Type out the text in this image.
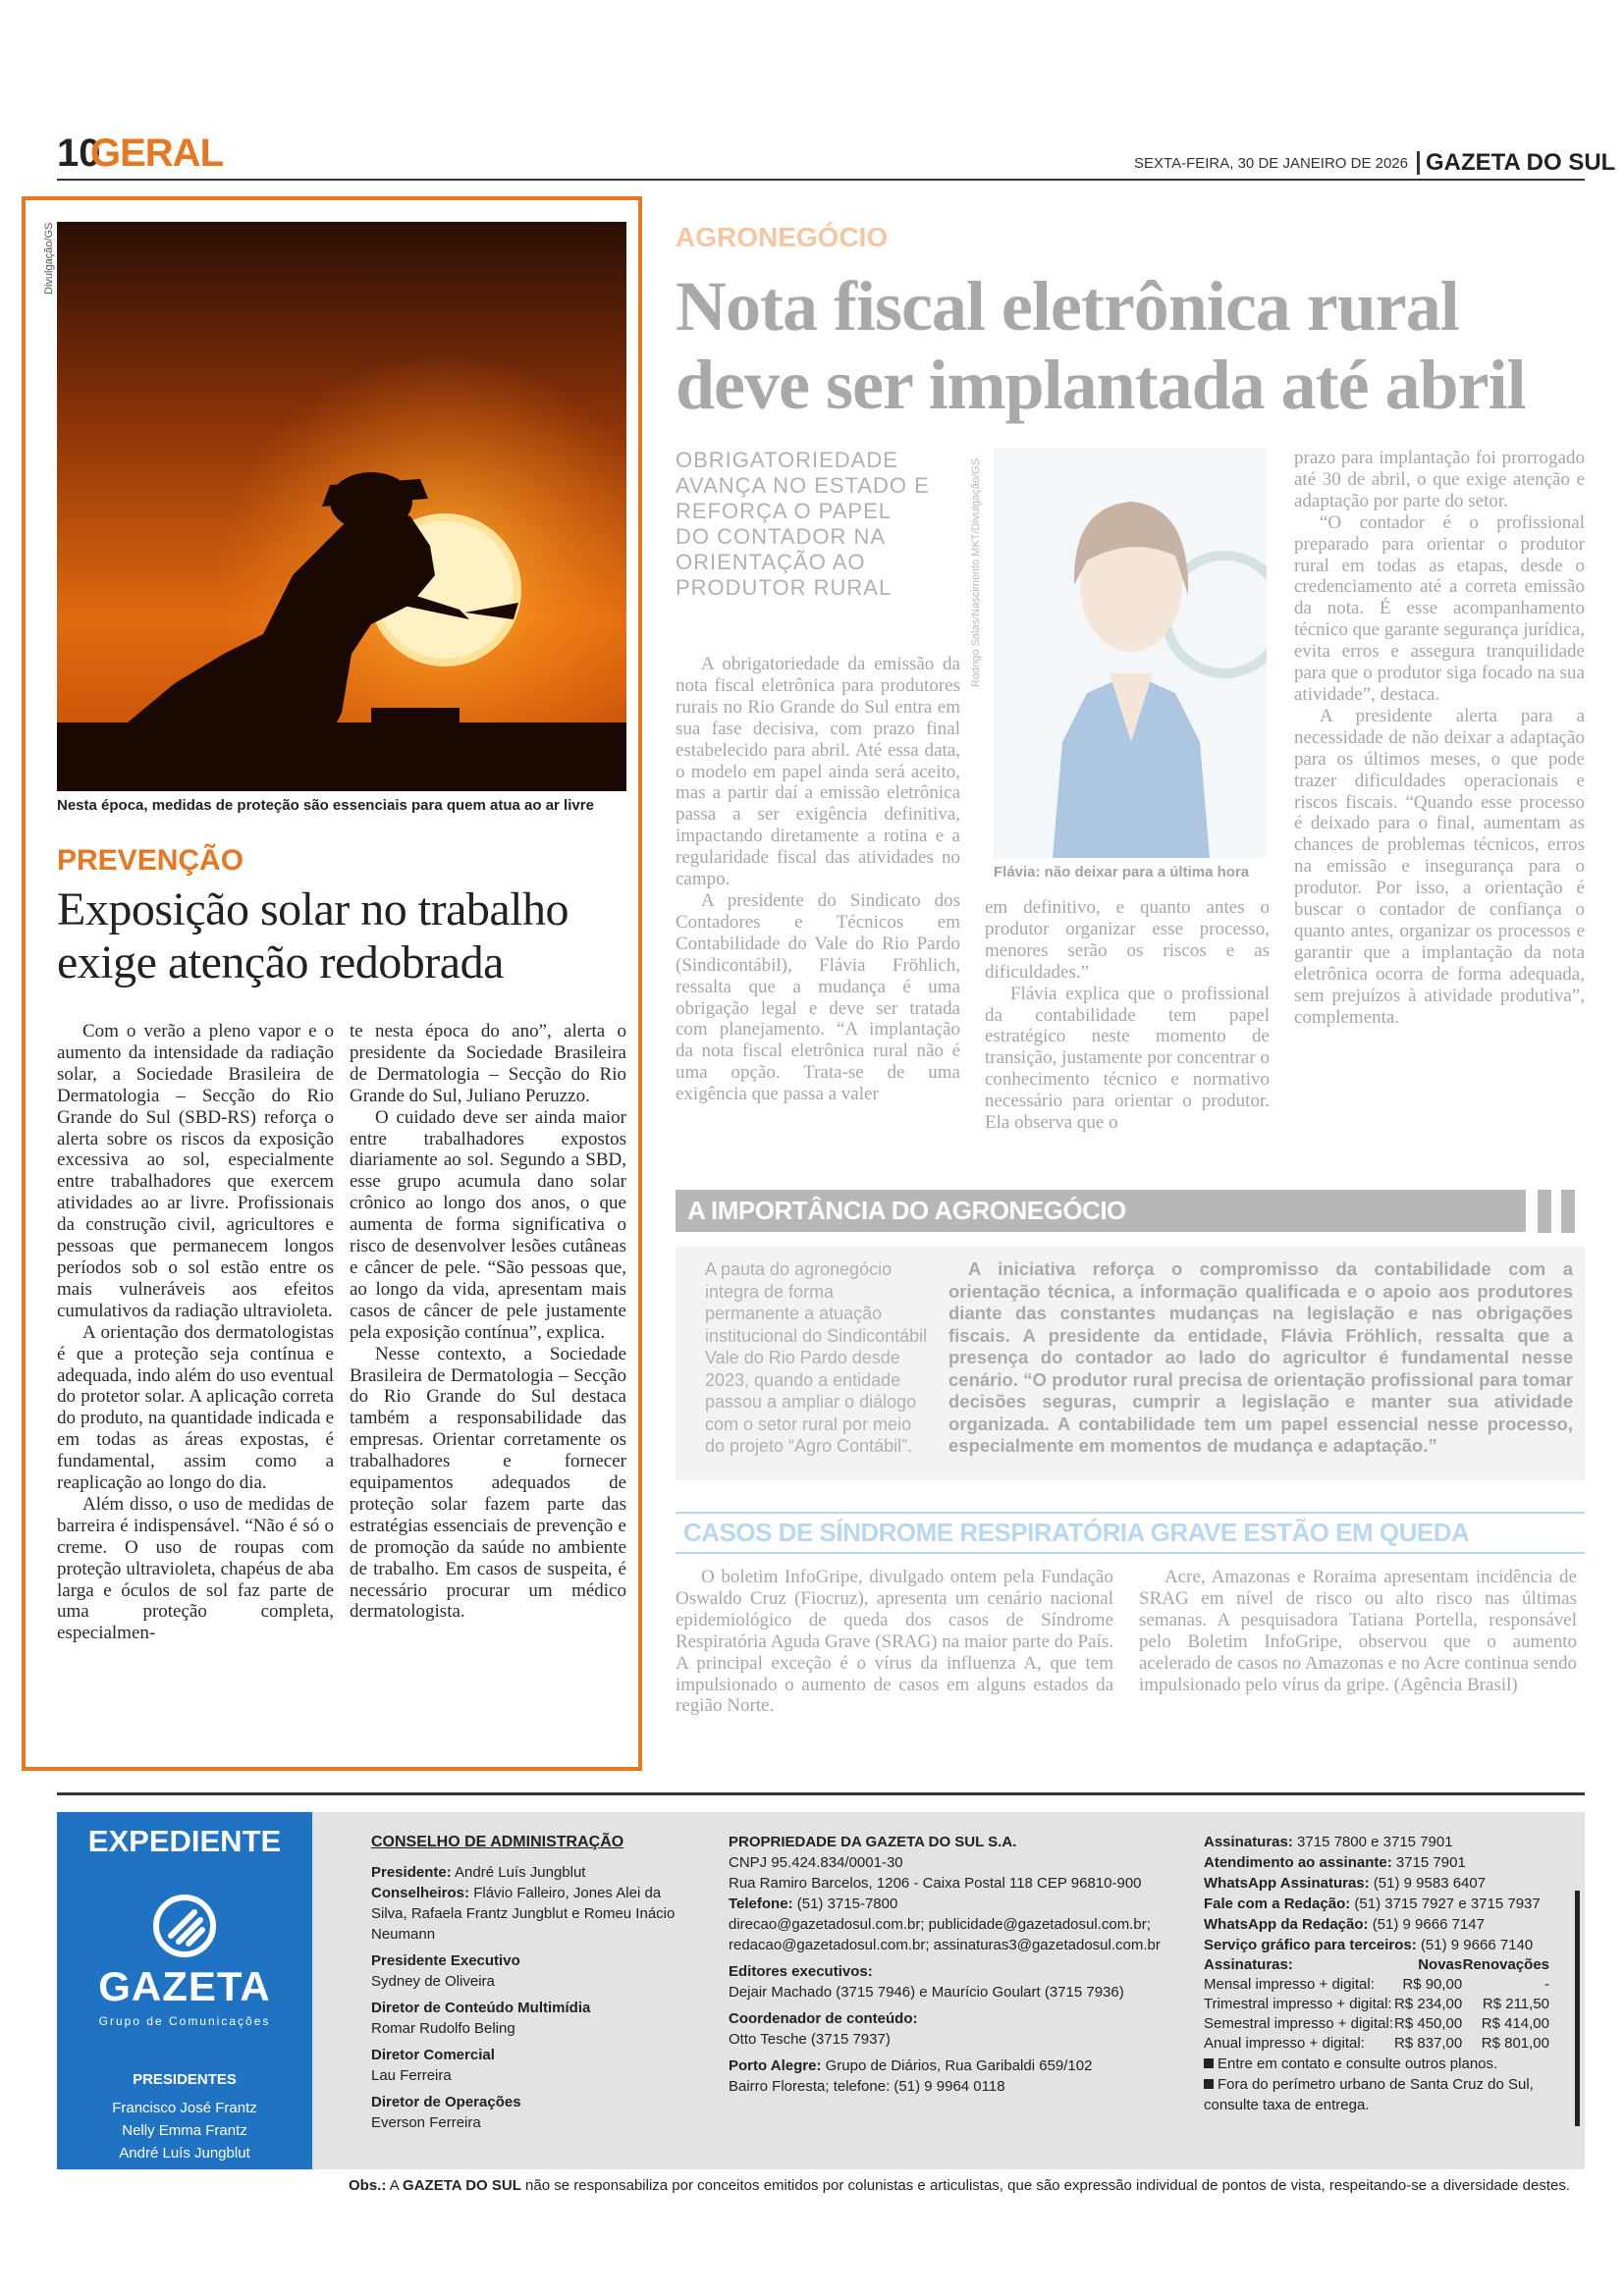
10
GERAL	SEXTA-FEIRA, 30 DE JANEIRO DE 2026 GAZETA DO SUL
Divulgação/GS
Nesta época, medidas de proteção são essenciais para quem atua ao ar livre
PREVENÇÃO
Exposição solar no trabalho exige atenção redobrada

Com o verão a pleno vapor e o aumento da intensidade da radiação solar, a Sociedade Brasileira de Dermatologia – Secção do Rio Grande do Sul (SBD-RS) reforça o alerta sobre os riscos da exposição excessiva ao sol, especialmente entre trabalhadores que exercem atividades ao ar livre. Profissionais da construção civil, agricultores e pessoas que permanecem longos períodos sob o sol estão entre os mais vulneráveis aos efeitos cumulativos da radiação ultravioleta.

A orientação dos dermatologistas é que a proteção seja contínua e adequada, indo além do uso eventual do protetor solar. A aplicação correta do produto, na quantidade indicada e em todas as áreas expostas, é fundamental, assim como a reaplicação ao longo do dia.

Além disso, o uso de medidas de barreira é indispensável. “Não é só o creme. O uso de roupas com proteção ultravioleta, chapéus de aba larga e óculos de sol faz parte de uma proteção completa, especialmen-

te nesta época do ano”, alerta o presidente da Sociedade Brasileira de Dermatologia – Secção do Rio Grande do Sul, Juliano Peruzzo.

O cuidado deve ser ainda maior entre trabalhadores expostos diariamente ao sol. Segundo a SBD, esse grupo acumula dano solar crônico ao longo dos anos, o que aumenta de forma significativa o risco de desenvolver lesões cutâneas e câncer de pele. “São pessoas que, ao longo da vida, apresentam mais casos de câncer de pele justamente pela exposição contínua”, explica.

Nesse contexto, a Sociedade Brasileira de Dermatologia – Secção do Rio Grande do Sul destaca também a responsabilidade das empresas. Orientar corretamente os trabalhadores e fornecer equipamentos adequados de proteção solar fazem parte das estratégias essenciais de prevenção e de promoção da saúde no ambiente de trabalho. Em casos de suspeita, é necessário procurar um médico dermatologista.

AGRONEGÓCIO
Nota fiscal eletrônica rural deve ser implantada até abril
OBRIGATORIEDADE AVANÇA NO ESTADO E REFORÇA O PAPEL DO CONTADOR NA ORIENTAÇÃO AO PRODUTOR RURAL	Rodrigo Salas/Nascimento MKT/Divulgação/GS
Flávia: não deixar para a última hora

A obrigatoriedade da emissão da nota fiscal eletrônica para produtores rurais no Rio Grande do Sul entra em sua fase decisiva, com prazo final estabelecido para abril. Até essa data, o modelo em papel ainda será aceito, mas a partir daí a emissão eletrônica passa a ser exigência definitiva, impactando diretamente a rotina e a regularidade fiscal das atividades no campo.

A presidente do Sindicato dos Contadores e Técnicos em Contabilidade do Vale do Rio Pardo (Sindicontábil), Flávia Fröhlich, ressalta que a mudança é uma obrigação legal e deve ser tratada com planejamento. “A implantação da nota fiscal eletrônica rural não é uma opção. Trata-se de uma exigência que passa a valer

em definitivo, e quanto antes o produtor organizar esse processo, menores serão os riscos e as dificuldades.”

Flávia explica que o profissional da contabilidade tem papel estratégico neste momento de transição, justamente por concentrar o conhecimento técnico e normativo necessário para orientar o produtor. Ela observa que o

prazo para implantação foi prorrogado até 30 de abril, o que exige atenção e adaptação por parte do setor.

“O contador é o profissional preparado para orientar o produtor rural em todas as etapas, desde o credenciamento até a correta emissão da nota. É esse acompanhamento técnico que garante segurança jurídica, evita erros e assegura tranquilidade para que o produtor siga focado na sua atividade”, destaca.

A presidente alerta para a necessidade de não deixar a adaptação para os últimos meses, o que pode trazer dificuldades operacionais e riscos fiscais. “Quando esse processo é deixado para o final, aumentam as chances de problemas técnicos, erros na emissão e insegurança para o produtor. Por isso, a orientação é buscar o contador de confiança o quanto antes, organizar os processos e garantir que a implantação da nota eletrônica ocorra de forma adequada, sem prejuízos à atividade produtiva”, complementa.

A IMPORTÂNCIA DO AGRONEGÓCIO
A pauta do agronegócio integra de forma permanente a atuação institucional do Sindicontábil Vale do Rio Pardo desde 2023, quando a entidade passou a ampliar o diálogo com o setor rural por meio do projeto “Agro Contábil”.
A iniciativa reforça o compromisso da contabilidade com a orientação técnica, a informação qualificada e o apoio aos produtores diante das constantes mudanças na legislação e nas obrigações fiscais. A presidente da entidade, Flávia Fröhlich, ressalta que a presença do contador ao lado do agricultor é fundamental nesse cenário. “O produtor rural precisa de orientação profissional para tomar decisões seguras, cumprir a legislação e manter sua atividade organizada. A contabilidade tem um papel essencial nesse processo, especialmente em momentos de mudança e adaptação.”
CASOS DE SÍNDROME RESPIRATÓRIA GRAVE ESTÃO EM QUEDA

O boletim InfoGripe, divulgado ontem pela Fundação Oswaldo Cruz (Fiocruz), apresenta um cenário nacional epidemiológico de queda dos casos de Síndrome Respiratória Aguda Grave (SRAG) na maior parte do País. A principal exceção é o vírus da influenza A, que tem impulsionado o aumento de casos em alguns estados da região Norte.

Acre, Amazonas e Roraima apresentam incidência de SRAG em nível de risco ou alto risco nas últimas semanas. A pesquisadora Tatiana Portella, responsável pelo Boletim InfoGripe, observou que o aumento acelerado de casos no Amazonas e no Acre continua sendo impulsionado pelo vírus da gripe. (Agência Brasil)

EXPEDIENTE
GAZETA
Grupo de Comunicações
PRESIDENTES
Francisco José Frantz
Nelly Emma Frantz
André Luís Jungblut
CONSELHO DE ADMINISTRAÇÃO
Presidente: André Luís Jungblut
Conselheiros: Flávio Falleiro, Jones Alei da Silva, Rafaela Frantz Jungblut e Romeu Inácio Neumann
Presidente Executivo
Sydney de Oliveira
Diretor de Conteúdo Multimídia
Romar Rudolfo Beling
Diretor Comercial
Lau Ferreira
Diretor de Operações
Everson Ferreira
PROPRIEDADE DA GAZETA DO SUL S.A.
CNPJ 95.424.834/0001-30
Rua Ramiro Barcelos, 1206 - Caixa Postal 118 CEP 96810-900
Telefone: (51) 3715-7800
direcao@gazetadosul.com.br; publicidade@gazetadosul.com.br;
redacao@gazetadosul.com.br; assinaturas3@gazetadosul.com.br
Editores executivos:
Dejair Machado (3715 7946) e Maurício Goulart (3715 7936)
Coordenador de conteúdo:
Otto Tesche (3715 7937)
Porto Alegre: Grupo de Diários, Rua Garibaldi 659/102
Bairro Floresta; telefone: (51) 9 9964 0118
Assinaturas: 3715 7800 e 3715 7901
Atendimento ao assinante: 3715 7901
WhatsApp Assinaturas: (51) 9 9583 6407
Fale com a Redação: (51) 3715 7927 e 3715 7937
WhatsApp da Redação: (51) 9 9666 7147
Serviço gráfico para terceiros: (51) 9 9666 7140
Assinaturas:	Novas	Renovações
Mensal impresso + digital:	R$ 90,00	-
Trimestral impresso + digital:	R$ 234,00	R$ 211,50
Semestral impresso + digital:	R$ 450,00	R$ 414,00
Anual impresso + digital:	R$ 837,00	R$ 801,00
Entre em contato e consulte outros planos.
Fora do perímetro urbano de Santa Cruz do Sul, consulte taxa de entrega.
Obs.: A GAZETA DO SUL não se responsabiliza por conceitos emitidos por colunistas e articulistas, que são expressão individual de pontos de vista, respeitando-se a diversidade destes.
